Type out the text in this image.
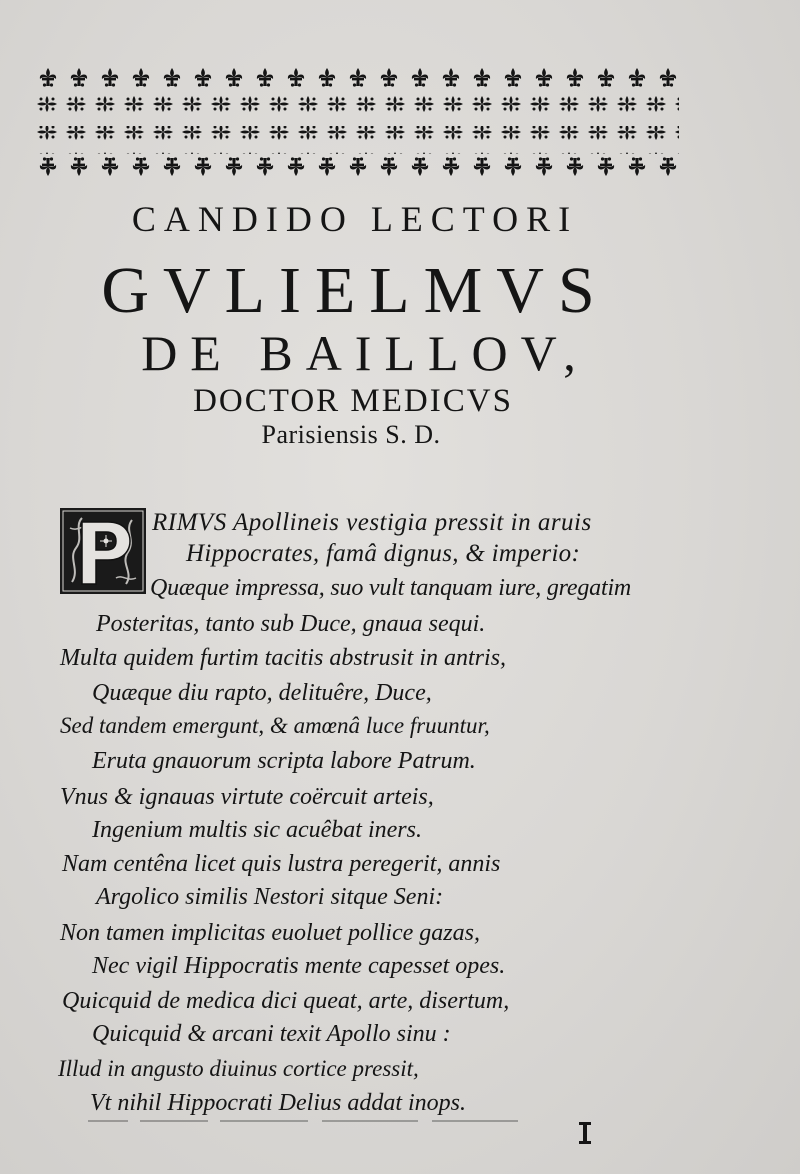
CANDIDO LECTORI
GVLIELMVS
DE BAILLOV,
DOCTOR MEDICVS
Parisiensis S. D.

RIMVS Apollineis vestigia pressit in aruis

Hippocrates, famâ dignus, & imperio:

Quæque impressa, suo vult tanquam iure, gregatim

Posteritas, tanto sub Duce, gnaua sequi.

Multa quidem furtim tacitis abstrusit in antris,

Quæque diu rapto, delituêre, Duce,

Sed tandem emergunt, & amœnâ luce fruuntur,

Eruta gnauorum scripta labore Patrum.

Vnus & ignauas virtute coërcuit arteis,

Ingenium multis sic acuêbat iners.

Nam centêna licet quis lustra peregerit, annis

Argolico similis Nestori sitque Seni:

Non tamen implicitas euoluet pollice gazas,

Nec vigil Hippocratis mente capesset opes.

Quicquid de medica dici queat, arte, disertum,

Quicquid & arcani texit Apollo sinu :

Illud in angusto diuinus cortice pressit,

Vt nihil Hippocrati Delius addat inops.
